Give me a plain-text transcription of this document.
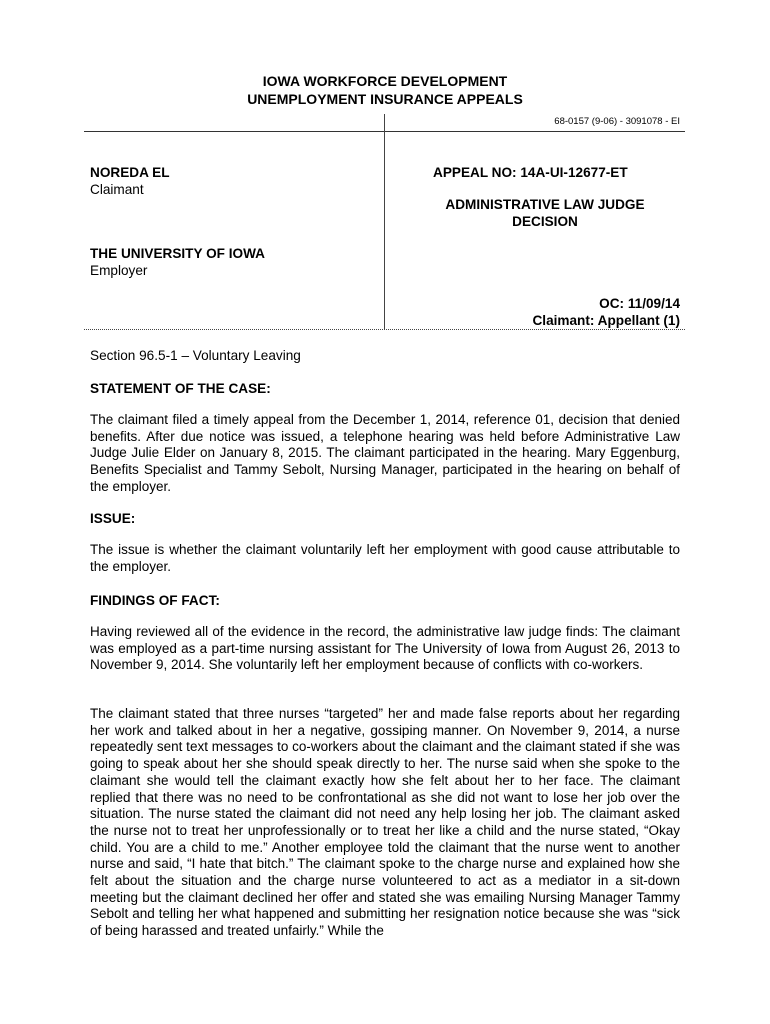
IOWA WORKFORCE DEVELOPMENT
UNEMPLOYMENT INSURANCE APPEALS
68-0157 (9-06) - 3091078 - EI
NOREDA EL
Claimant
THE UNIVERSITY OF IOWA
Employer
APPEAL NO: 14A-UI-12677-ET
ADMINISTRATIVE LAW JUDGE
DECISION
OC: 11/09/14
Claimant: Appellant (1)
Section 96.5-1 – Voluntary Leaving
STATEMENT OF THE CASE:
The claimant filed a timely appeal from the December 1, 2014, reference 01, decision that denied benefits. After due notice was issued, a telephone hearing was held before Administrative Law Judge Julie Elder on January 8, 2015. The claimant participated in the hearing. Mary Eggenburg, Benefits Specialist and Tammy Sebolt, Nursing Manager, participated in the hearing on behalf of the employer.
ISSUE:
The issue is whether the claimant voluntarily left her employment with good cause attributable to the employer.
FINDINGS OF FACT:
Having reviewed all of the evidence in the record, the administrative law judge finds: The claimant was employed as a part-time nursing assistant for The University of Iowa from August 26, 2013 to November 9, 2014. She voluntarily left her employment because of conflicts with co-workers.
The claimant stated that three nurses “targeted” her and made false reports about her regarding her work and talked about in her a negative, gossiping manner. On November 9, 2014, a nurse repeatedly sent text messages to co-workers about the claimant and the claimant stated if she was going to speak about her she should speak directly to her. The nurse said when she spoke to the claimant she would tell the claimant exactly how she felt about her to her face. The claimant replied that there was no need to be confrontational as she did not want to lose her job over the situation. The nurse stated the claimant did not need any help losing her job. The claimant asked the nurse not to treat her unprofessionally or to treat her like a child and the nurse stated, “Okay child. You are a child to me.” Another employee told the claimant that the nurse went to another nurse and said, “I hate that bitch.” The claimant spoke to the charge nurse and explained how she felt about the situation and the charge nurse volunteered to act as a mediator in a sit-down meeting but the claimant declined her offer and stated she was emailing Nursing Manager Tammy Sebolt and telling her what happened and submitting her resignation notice because she was “sick of being harassed and treated unfairly.” While the
